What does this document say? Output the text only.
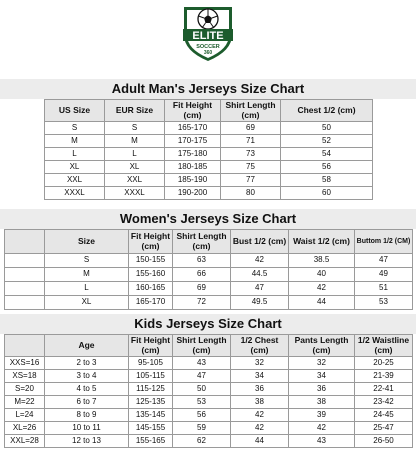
ELITE
SOCCER
360
Adult Man's Jerseys Size Chart
US Size	EUR Size	Fit Height (cm)	Shirt Length (cm)	Chest 1/2 (cm)
S	S	165-170	69	50
M	M	170-175	71	52
L	L	175-180	73	54
XL	XL	180-185	75	56
XXL	XXL	185-190	77	58
XXXL	XXXL	190-200	80	60
Women's Jerseys Size Chart
	Size	Fit Height (cm)	Shirt Length (cm)	Bust 1/2 (cm)	Waist 1/2 (cm)	Buttom 1/2 (CM)
	S	150-155	63	42	38.5	47
	M	155-160	66	44.5	40	49
	L	160-165	69	47	42	51
	XL	165-170	72	49.5	44	53
Kids Jerseys Size Chart
	Age	Fit Height (cm)	Shirt Length (cm)	1/2 Chest (cm)	Pants Length (cm)	1/2 Waistline (cm)
XXS=16	2 to 3	95-105	43	32	32	20-25
XS=18	3 to 4	105-115	47	34	34	21-39
S=20	4 to 5	115-125	50	36	36	22-41
M=22	6 to 7	125-135	53	38	38	23-42
L=24	8 to 9	135-145	56	42	39	24-45
XL=26	10 to 11	145-155	59	42	42	25-47
XXL=28	12 to 13	155-165	62	44	43	26-50
